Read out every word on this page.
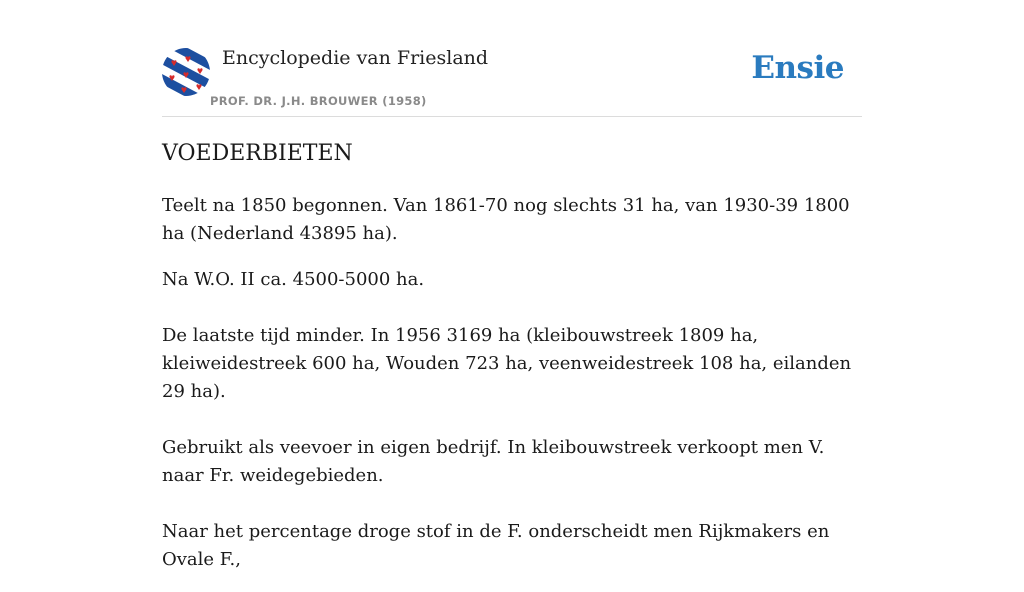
Encyclopedie van Friesland
PROF. DR. J.H. BROUWER (1958)
Ensie
VOEDERBIETEN

Teelt na 1850 begonnen. Van 1861-70 nog slechts 31 ha, van 1930-39 1800 ha (Nederland 43895 ha).

Na W.O. II ca. 4500-5000 ha.

De laatste tijd minder. In 1956 3169 ha (kleibouwstreek 1809 ha, kleiweidestreek 600 ha, Wouden 723 ha, veenweidestreek 108 ha, eilanden 29 ha).

Gebruikt als veevoer in eigen bedrijf. In kleibouwstreek verkoopt men V. naar Fr. weidegebieden.

Naar het percentage droge stof in de F. onderscheidt men Rijkmakers en Ovale F.,
